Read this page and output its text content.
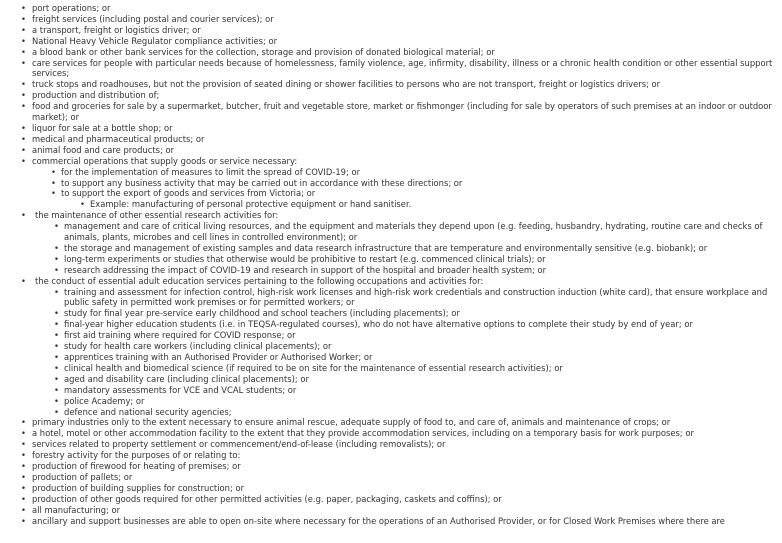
• port operations; or
• freight services (including postal and courier services); or
• a transport, freight or logistics driver; or
• National Heavy Vehicle Regulator compliance activities; or
• a blood bank or other bank services for the collection, storage and provision of donated biological material; or
• care services for people with particular needs because of homelessness, family violence, age, infirmity, disability, illness or a chronic health condition or other essential support services;
• truck stops and roadhouses, but not the provision of seated dining or shower facilities to persons who are not transport, freight or logistics drivers; or
• production and distribution of;
• food and groceries for sale by a supermarket, butcher, fruit and vegetable store, market or fishmonger (including for sale by operators of such premises at an indoor or outdoor market); or
• liquor for sale at a bottle shop; or
• medical and pharmaceutical products; or
• animal food and care products; or
• commercial operations that supply goods or service necessary:
• for the implementation of measures to limit the spread of COVID-19; or
• to support any business activity that may be carried out in accordance with these directions; or
• to support the export of goods and services from Victoria; or
• Example: manufacturing of personal protective equipment or hand sanitiser.
• the maintenance of other essential research activities for:
• management and care of critical living resources, and the equipment and materials they depend upon (e.g. feeding, husbandry, hydrating, routine care and checks of animals, plants, microbes and cell lines in controlled environment); or
• the storage and management of existing samples and data research infrastructure that are temperature and environmentally sensitive (e.g. biobank); or
• long-term experiments or studies that otherwise would be prohibitive to restart (e.g. commenced clinical trials); or
• research addressing the impact of COVID-19 and research in support of the hospital and broader health system; or
• the conduct of essential adult education services pertaining to the following occupations and activities for:
• training and assessment for infection control, high-risk work licenses and high-risk work credentials and construction induction (white card), that ensure workplace and public safety in permitted work premises or for permitted workers; or
• study for final year pre-service early childhood and school teachers (including placements); or
• final-year higher education students (i.e. in TEQSA-regulated courses), who do not have alternative options to complete their study by end of year; or
• first aid training where required for COVID response; or
• study for health care workers (including clinical placements); or
• apprentices training with an Authorised Provider or Authorised Worker; or
• clinical health and biomedical science (if required to be on site for the maintenance of essential research activities); or
• aged and disability care (including clinical placements); or
• mandatory assessments for VCE and VCAL students; or
• police Academy; or
• defence and national security agencies;
• primary industries only to the extent necessary to ensure animal rescue, adequate supply of food to, and care of, animals and maintenance of crops; or
• a hotel, motel or other accommodation facility to the extent that they provide accommodation services, including on a temporary basis for work purposes; or
• services related to property settlement or commencement/end-of-lease (including removalists); or
• forestry activity for the purposes of or relating to:
• production of firewood for heating of premises; or
• production of pallets; or
• production of building supplies for construction; or
• production of other goods required for other permitted activities (e.g. paper, packaging, caskets and coffins); or
• all manufacturing; or
• ancillary and support businesses are able to open on-site where necessary for the operations of an Authorised Provider, or for Closed Work Premises where there are
